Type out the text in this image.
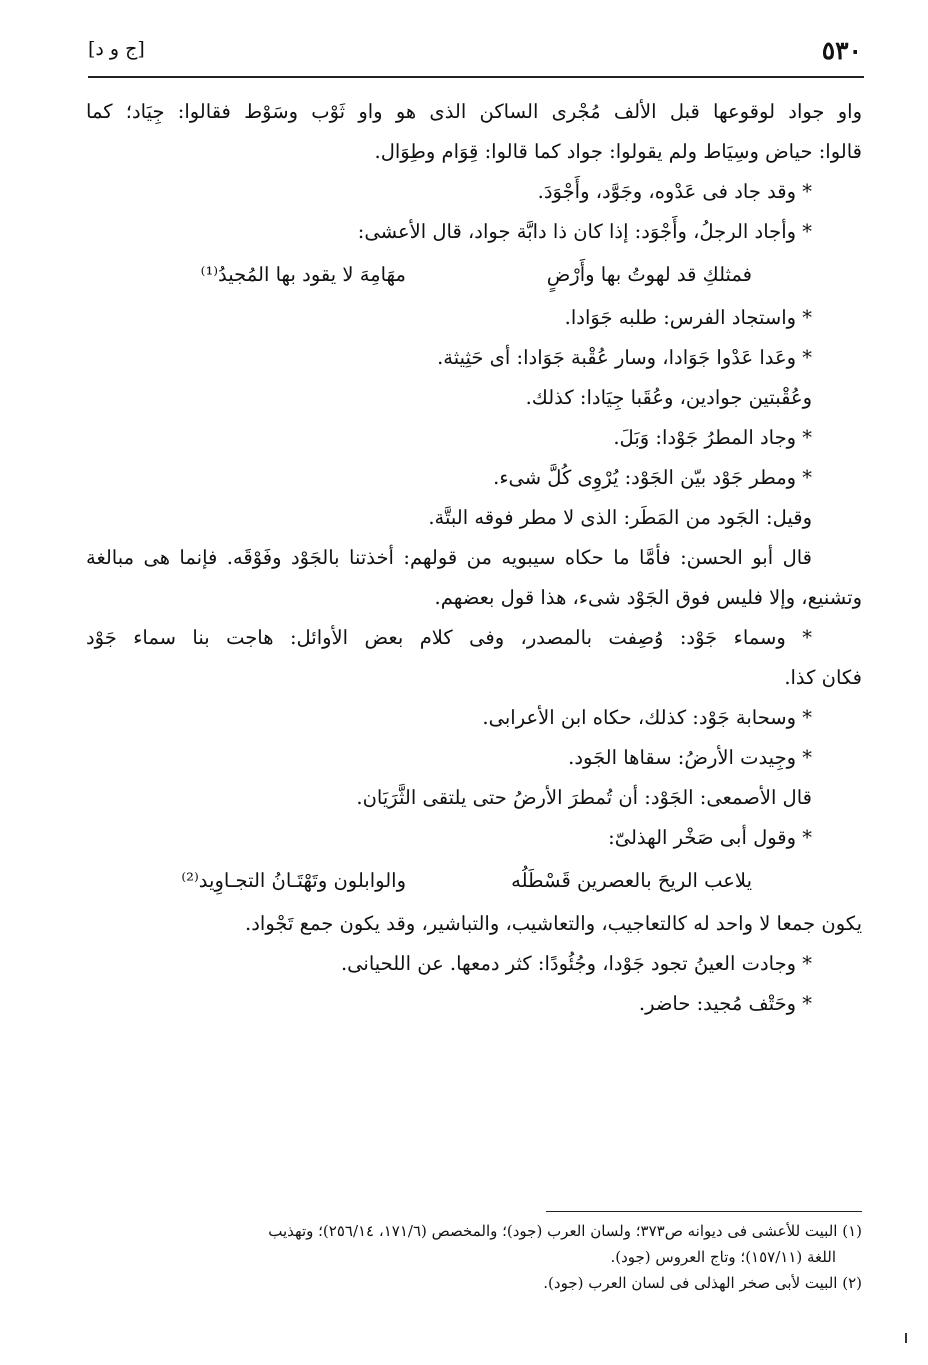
٥٣٠
[ج و د]
واو جواد لوقوعها قبل الألف مُجْرى الساكن الذى هو واو ثَوْب وسَوْط فقالوا: جِيَاد؛ كما
قالوا: حياض وسِيَاط ولم يقولوا: جواد كما قالوا: قِوَام وطِوَال.
* وقد جاد فى عَدْوه، وجَوَّد، وأَجْوَدَ.
* وأجاد الرجلُ، وأَجْوَد: إذا كان ذا دابَّة جواد، قال الأعشى:
فمثلكِ قد لهوتُ بها وأَرْضٍ
مهَامِهَ لا يقود بها المُجيدُ⁽¹⁾
* واستجاد الفرس: طلبه جَوَادا.
* وعَدا عَدْوا جَوَادا، وسار عُقْبة جَوَادا: أى حَثِيثة.
وعُقْبتين جوادين، وعُقَبا جِيَادا: كذلك.
* وجاد المطرُ جَوْدا: وَبَلَ.
* ومطر جَوْد بيّن الجَوْد: يُرْوِى كُلَّ شىء.
وقيل: الجَود من المَطَر: الذى لا مطر فوقه البتَّة.
قال أبو الحسن: فأمَّا ما حكاه سيبويه من قولهم: أخذتنا بالجَوْد وفَوْقَه. فإنما هى مبالغة
وتشنيع، وإلا فليس فوق الجَوْد شىء، هذا قول بعضهم.
* وسماء جَوْد: وُصِفت بالمصدر، وفى كلام بعض الأوائل: هاجت بنا سماء جَوْد
فكان كذا.
* وسحابة جَوْد: كذلك، حكاه ابن الأعرابى.
* وجِيدت الأرضُ: سقاها الجَود.
قال الأصمعى: الجَوْد: أن تُمطرَ الأرضُ حتى يلتقى الثَّرَيَان.
* وقول أبى صَخْر الهذلىّ:
يلاعب الريحَ بالعصرين قَسْطَلُه
والوابلون وتَهْتَـانُ التجـاوِيد⁽²⁾
يكون جمعا لا واحد له كالتعاجيب، والتعاشيب، والتباشير، وقد يكون جمع تَجْواد.
* وجادت العينُ تجود جَوْدا، وجُئُودًا: كثر دمعها. عن اللحيانى.
* وحَتْف مُجيد: حاضر.
(١) البيت للأعشى فى ديوانه ص٣٧٣؛ ولسان العرب (جود)؛ والمخصص (١٧١/٦، ٢٥٦/١٤)؛ وتهذيب
اللغة (١٥٧/١١)؛ وتاج العروس (جود).
(٢) البيت لأبى صخر الهذلى فى لسان العرب (جود).
